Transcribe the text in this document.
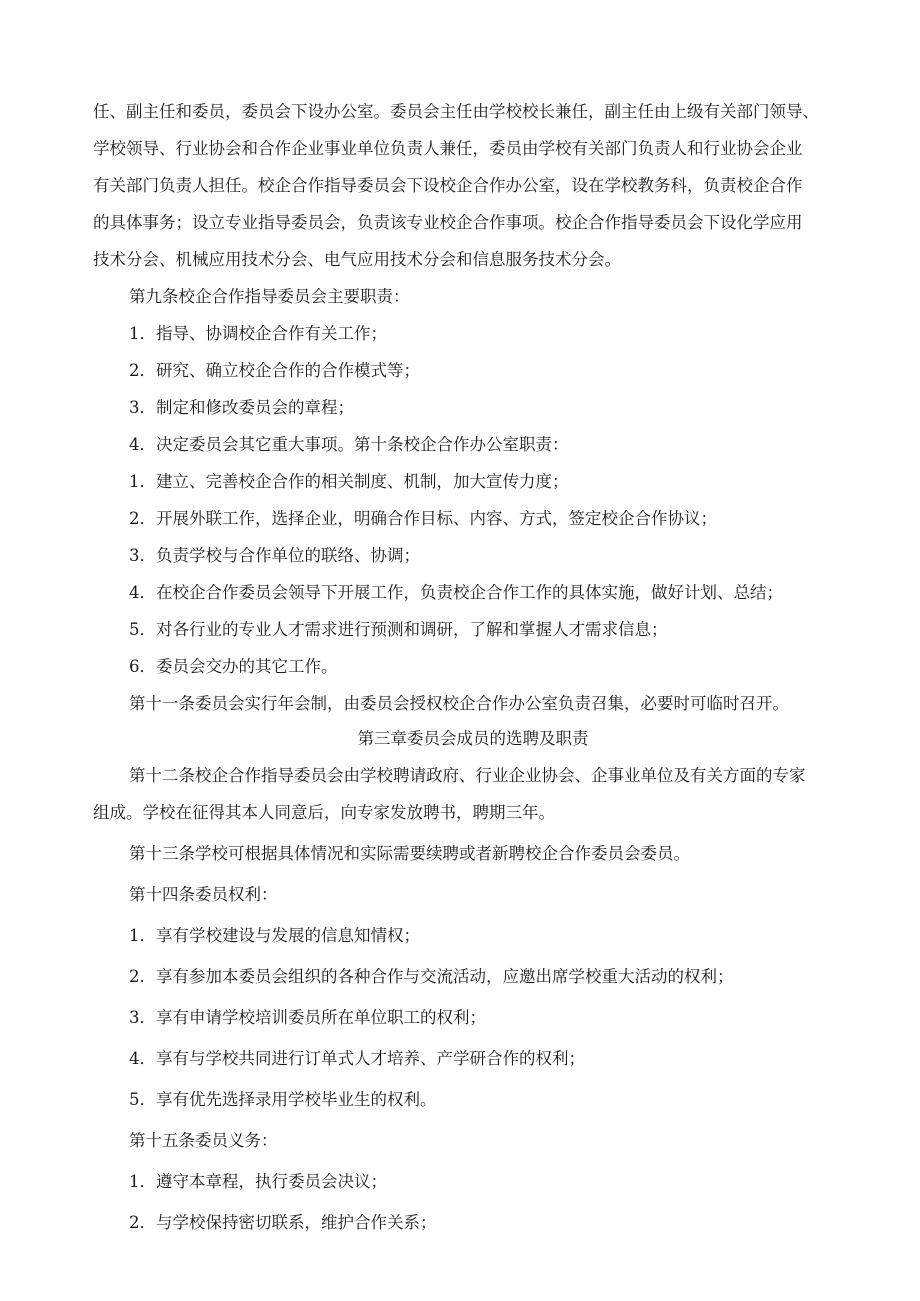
任、副主任和委员，委员会下设办公室。委员会主任由学校校长兼任，副主任由上级有关部门领导、

学校领导、行业协会和合作企业事业单位负责人兼任，委员由学校有关部门负责人和行业协会企业

有关部门负责人担任。校企合作指导委员会下设校企合作办公室，设在学校教务科，负责校企合作

的具体事务；设立专业指导委员会，负责该专业校企合作事项。校企合作指导委员会下设化学应用

技术分会、机械应用技术分会、电气应用技术分会和信息服务技术分会。

第九条校企合作指导委员会主要职责：

1．指导、协调校企合作有关工作；

2．研究、确立校企合作的合作模式等；

3．制定和修改委员会的章程；

4．决定委员会其它重大事项。第十条校企合作办公室职责：

1．建立、完善校企合作的相关制度、机制，加大宣传力度；

2．开展外联工作，选择企业，明确合作目标、内容、方式，签定校企合作协议；

3．负责学校与合作单位的联络、协调；

4．在校企合作委员会领导下开展工作，负责校企合作工作的具体实施，做好计划、总结；

5．对各行业的专业人才需求进行预测和调研，了解和掌握人才需求信息；

6．委员会交办的其它工作。

第十一条委员会实行年会制，由委员会授权校企合作办公室负责召集，必要时可临时召开。

第三章委员会成员的选聘及职责

第十二条校企合作指导委员会由学校聘请政府、行业企业协会、企事业单位及有关方面的专家

组成。学校在征得其本人同意后，向专家发放聘书，聘期三年。

第十三条学校可根据具体情况和实际需要续聘或者新聘校企合作委员会委员。

第十四条委员权利：

1．享有学校建设与发展的信息知情权；

2．享有参加本委员会组织的各种合作与交流活动，应邀出席学校重大活动的权利；

3．享有申请学校培训委员所在单位职工的权利；

4．享有与学校共同进行订单式人才培养、产学研合作的权利；

5．享有优先选择录用学校毕业生的权利。

第十五条委员义务：

1．遵守本章程，执行委员会决议；

2．与学校保持密切联系，维护合作关系；
